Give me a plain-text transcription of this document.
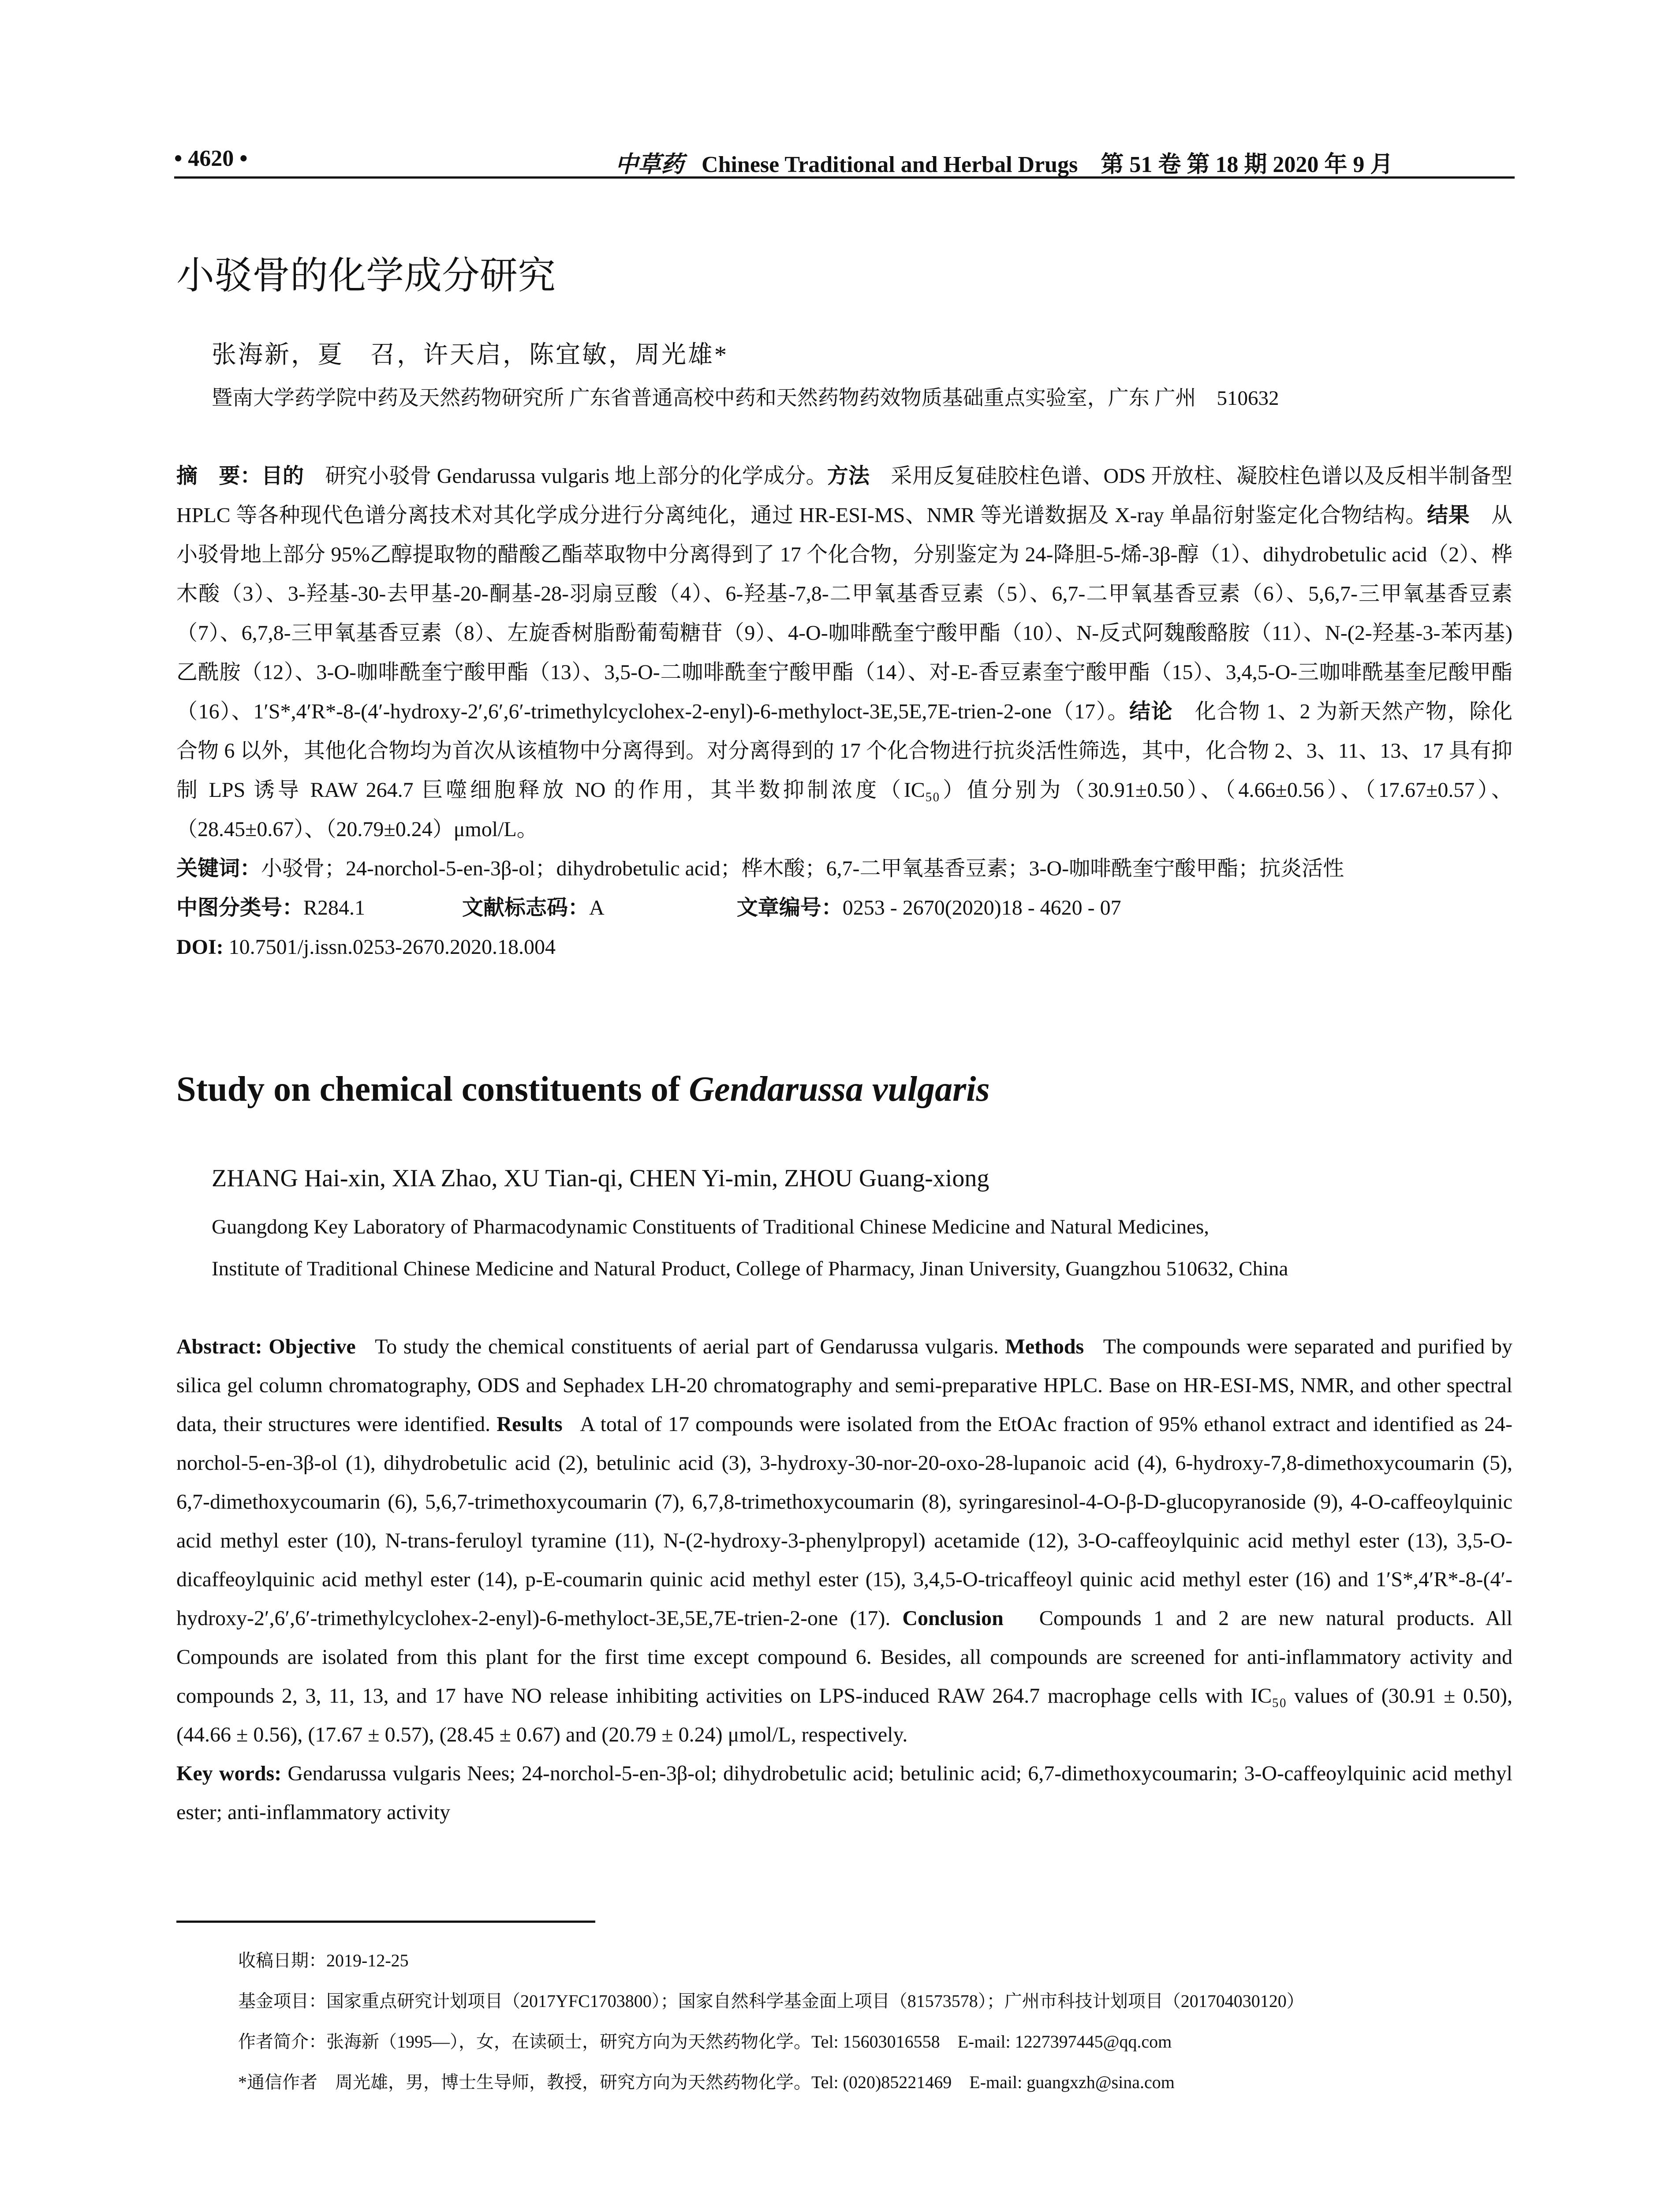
• 4620 •	中草药 Chinese Traditional and Herbal Drugs　第 51 卷 第 18 期 2020 年 9 月
小驳骨的化学成分研究
张海新，夏　召，许天启，陈宜敏，周光雄*
暨南大学药学院中药及天然药物研究所 广东省普通高校中药和天然药物药效物质基础重点实验室，广东 广州　510632
摘　要：目的　 研究小驳骨 Gendarussa vulgaris 地上部分的化学成分。方法　 采用反复硅胶柱色谱、ODS 开放柱、凝胶柱色谱以及反相半制备型 HPLC 等各种现代色谱分离技术对其化学成分进行分离纯化，通过 HR-ESI-MS、NMR 等光谱数据及 X-ray 单晶衍射鉴定化合物结构。结果　 从小驳骨地上部分 95%乙醇提取物的醋酸乙酯萃取物中分离得到了 17 个化合物，分别鉴定为 24-降胆-5-烯-3β-醇（1）、dihydrobetulic acid（2）、桦木酸（3）、3-羟基-30-去甲基-20-酮基-28-羽扇豆酸（4）、6-羟基-7,8-二甲氧基香豆素（5）、6,7-二甲氧基香豆素（6）、5,6,7-三甲氧基香豆素（7）、6,7,8-三甲氧基香豆素（8）、左旋香树脂酚葡萄糖苷（9）、4-O-咖啡酰奎宁酸甲酯（10）、N-反式阿魏酸酪胺（11）、N-(2-羟基-3-苯丙基) 乙酰胺（12）、3-O-咖啡酰奎宁酸甲酯（13）、3,5-O-二咖啡酰奎宁酸甲酯（14）、对-E-香豆素奎宁酸甲酯（15）、3,4,5-O-三咖啡酰基奎尼酸甲酯（16）、1′S*,4′R*-8-(4′-hydroxy-2′,6′,6′-trimethylcyclohex-2-enyl)-6-methyloct-3E,5E,7E-trien-2-one（17）。结论　 化合物 1、2 为新天然产物，除化合物 6 以外，其他化合物均为首次从该植物中分离得到。对分离得到的 17 个化合物进行抗炎活性筛选，其中，化合物 2、3、11、13、17 具有抑制 LPS 诱导 RAW 264.7 巨噬细胞释放 NO 的作用，其半数抑制浓度（IC₅₀）值分别为（30.91±0.50）、（4.66±0.56）、（17.67±0.57）、（28.45±0.67）、（20.79±0.24）μmol/L。
关键词：小驳骨；24-norchol-5-en-3β-ol；dihydrobetulic acid；桦木酸；6,7-二甲氧基香豆素；3-O-咖啡酰奎宁酸甲酯；抗炎活性
中图分类号：R284.1	文献标志码：A	文章编号：0253 - 2670(2020)18 - 4620 - 07
DOI: 10.7501/j.issn.0253-2670.2020.18.004
Study on chemical constituents of Gendarussa vulgaris
ZHANG Hai-xin, XIA Zhao, XU Tian-qi, CHEN Yi-min, ZHOU Guang-xiong
Guangdong Key Laboratory of Pharmacodynamic Constituents of Traditional Chinese Medicine and Natural Medicines,
Institute of Traditional Chinese Medicine and Natural Product, College of Pharmacy, Jinan University, Guangzhou 510632, China
Abstract: Objective To study the chemical constituents of aerial part of Gendarussa vulgaris. Methods The compounds were separated and purified by silica gel column chromatography, ODS and Sephadex LH-20 chromatography and semi-preparative HPLC. Base on HR-ESI-MS, NMR, and other spectral data, their structures were identified. Results A total of 17 compounds were isolated from the EtOAc fraction of 95% ethanol extract and identified as 24-norchol-5-en-3β-ol (1), dihydrobetulic acid (2), betulinic acid (3), 3-hydroxy-30-nor-20-oxo-28-lupanoic acid (4), 6-hydroxy-7,8-dimethoxycoumarin (5), 6,7-dimethoxycoumarin (6), 5,6,7-trimethoxycoumarin (7), 6,7,8-trimethoxycoumarin (8), syringaresinol-4-O-β-D-glucopyranoside (9), 4-O-caffeoylquinic acid methyl ester (10), N-trans-feruloyl tyramine (11), N-(2-hydroxy-3-phenylpropyl) acetamide (12), 3-O-caffeoylquinic acid methyl ester (13), 3,5-O-dicaffeoylquinic acid methyl ester (14), p-E-coumarin quinic acid methyl ester (15), 3,4,5-O-tricaffeoyl quinic acid methyl ester (16) and 1′S*,4′R*-8-(4′-hydroxy-2′,6′,6′-trimethylcyclohex-2-enyl)-6-methyloct-3E,5E,7E-trien-2-one (17). Conclusion Compounds 1 and 2 are new natural products. All Compounds are isolated from this plant for the first time except compound 6. Besides, all compounds are screened for anti-inflammatory activity and compounds 2, 3, 11, 13, and 17 have NO release inhibiting activities on LPS-induced RAW 264.7 macrophage cells with IC₅₀ values of (30.91 ± 0.50), (44.66 ± 0.56), (17.67 ± 0.57), (28.45 ± 0.67) and (20.79 ± 0.24) μmol/L, respectively.
Key words: Gendarussa vulgaris Nees; 24-norchol-5-en-3β-ol; dihydrobetulic acid; betulinic acid; 6,7-dimethoxycoumarin; 3-O-caffeoylquinic acid methyl ester; anti-inflammatory activity
收稿日期：2019-12-25
基金项目：国家重点研究计划项目（2017YFC1703800）；国家自然科学基金面上项目（81573578）；广州市科技计划项目（201704030120）
作者简介：张海新（1995—），女，在读硕士，研究方向为天然药物化学。Tel: 15603016558　E-mail: 1227397445@qq.com
*通信作者　周光雄，男，博士生导师，教授，研究方向为天然药物化学。Tel: (020)85221469　E-mail: guangxzh@sina.com
